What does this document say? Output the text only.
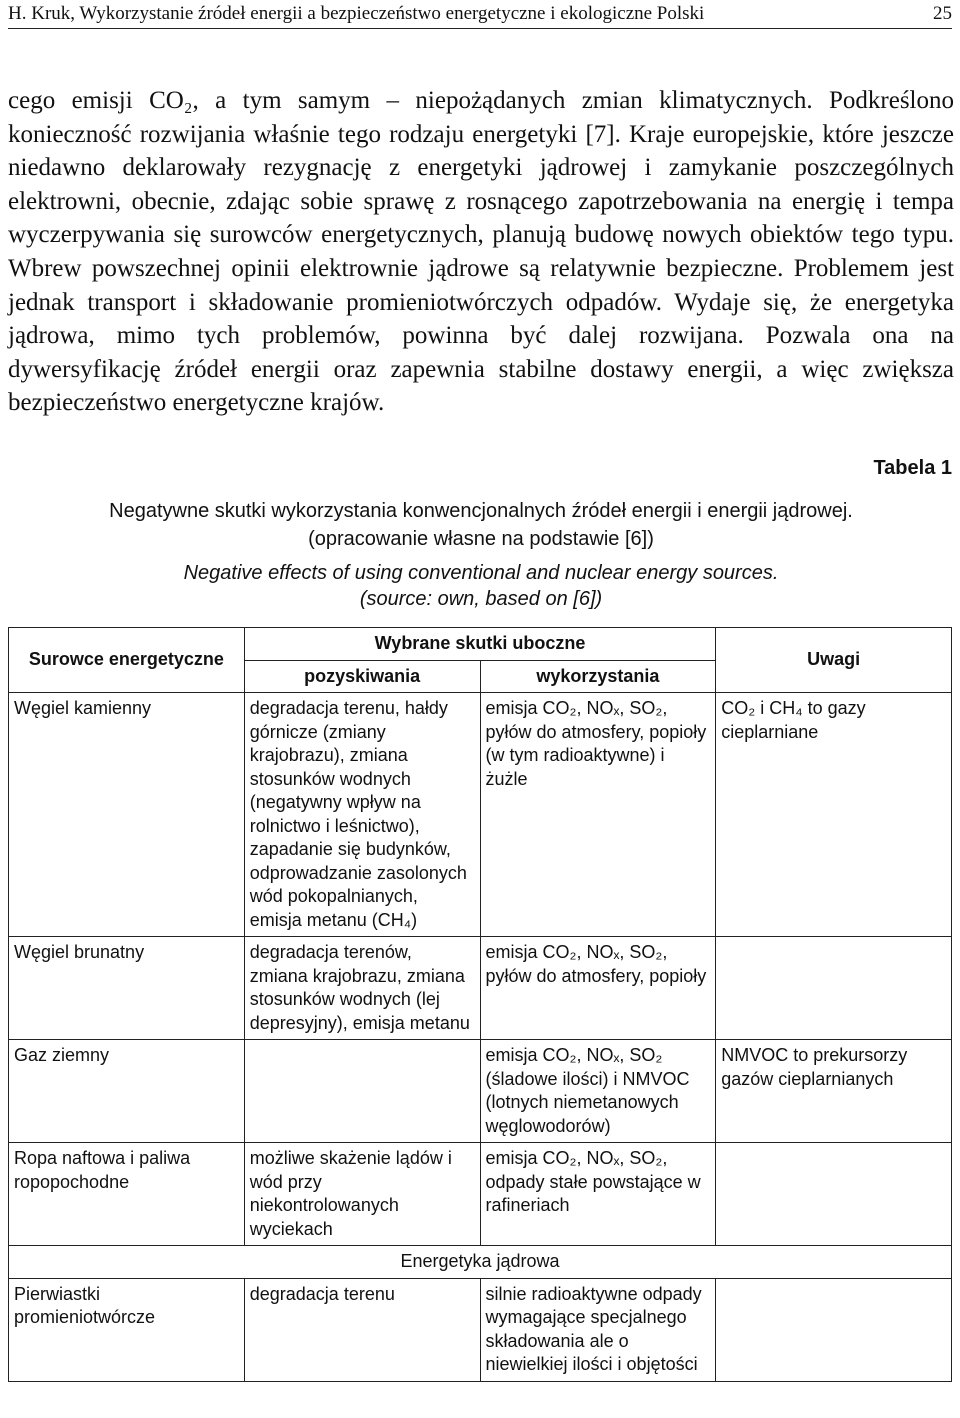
H. Kruk, Wykorzystanie źródeł energii a bezpieczeństwo energetyczne i ekologiczne Polski	25
cego emisji CO₂, a tym samym – niepożądanych zmian klimatycznych. Podkreślono konieczność rozwijania właśnie tego rodzaju energetyki [7]. Kraje europejskie, które jeszcze niedawno deklarowały rezygnację z energetyki jądrowej i zamykanie poszczególnych elektrowni, obecnie, zdając sobie sprawę z rosnącego zapotrzebowania na energię i tempa wyczerpywania się surowców energetycznych, planują budowę nowych obiektów tego typu. Wbrew powszechnej opinii elektrownie jądrowe są relatywnie bezpieczne. Problemem jest jednak transport i składowanie promieniotwórczych odpadów. Wydaje się, że energetyka jądrowa, mimo tych problemów, powinna być dalej rozwijana. Pozwala ona na dywersyfikację źródeł energii oraz zapewnia stabilne dostawy energii, a więc zwiększa bezpieczeństwo energetyczne krajów.
Tabela 1
Negatywne skutki wykorzystania konwencjonalnych źródeł energii i energii jądrowej.
(opracowanie własne na podstawie [6])
Negative effects of using conventional and nuclear energy sources.
(source: own, based on [6])
Surowce energetyczne	Wybrane skutki uboczne		Uwagi
	pozyskiwania	wykorzystania	
Węgiel kamienny	degradacja terenu, hałdy górnicze (zmiany krajobrazu), zmiana stosunków wodnych (negatywny wpływ na rolnictwo i leśnictwo), zapadanie się budynków, odprowadzanie zasolonych wód pokopalnianych, emisja metanu (CH₄)	emisja CO₂, NOₓ, SO₂, pyłów do atmosfery, popioły (w tym radioaktywne) i żużle	CO₂ i CH₄ to gazy cieplarniane
Węgiel brunatny	degradacja terenów, zmiana krajobrazu, zmiana stosunków wodnych (lej depresyjny), emisja metanu	emisja CO₂, NOₓ, SO₂, pyłów do atmosfery, popioły	
Gaz ziemny		emisja CO₂, NOₓ, SO₂ (śladowe ilości) i NMVOC (lotnych niemetanowych węglowodorów)	NMVOC to prekursorzy gazów cieplarnianych
Ropa naftowa i paliwa ropopochodne	możliwe skażenie lądów i wód przy niekontrolowanych wyciekach	emisja CO₂, NOₓ, SO₂, odpady stałe powstające w rafineriach	
Energetyka jądrowa			
Pierwiastki promieniotwórcze	degradacja terenu	silnie radioaktywne odpady wymagające specjalnego składowania ale o niewielkiej ilości i objętości	
